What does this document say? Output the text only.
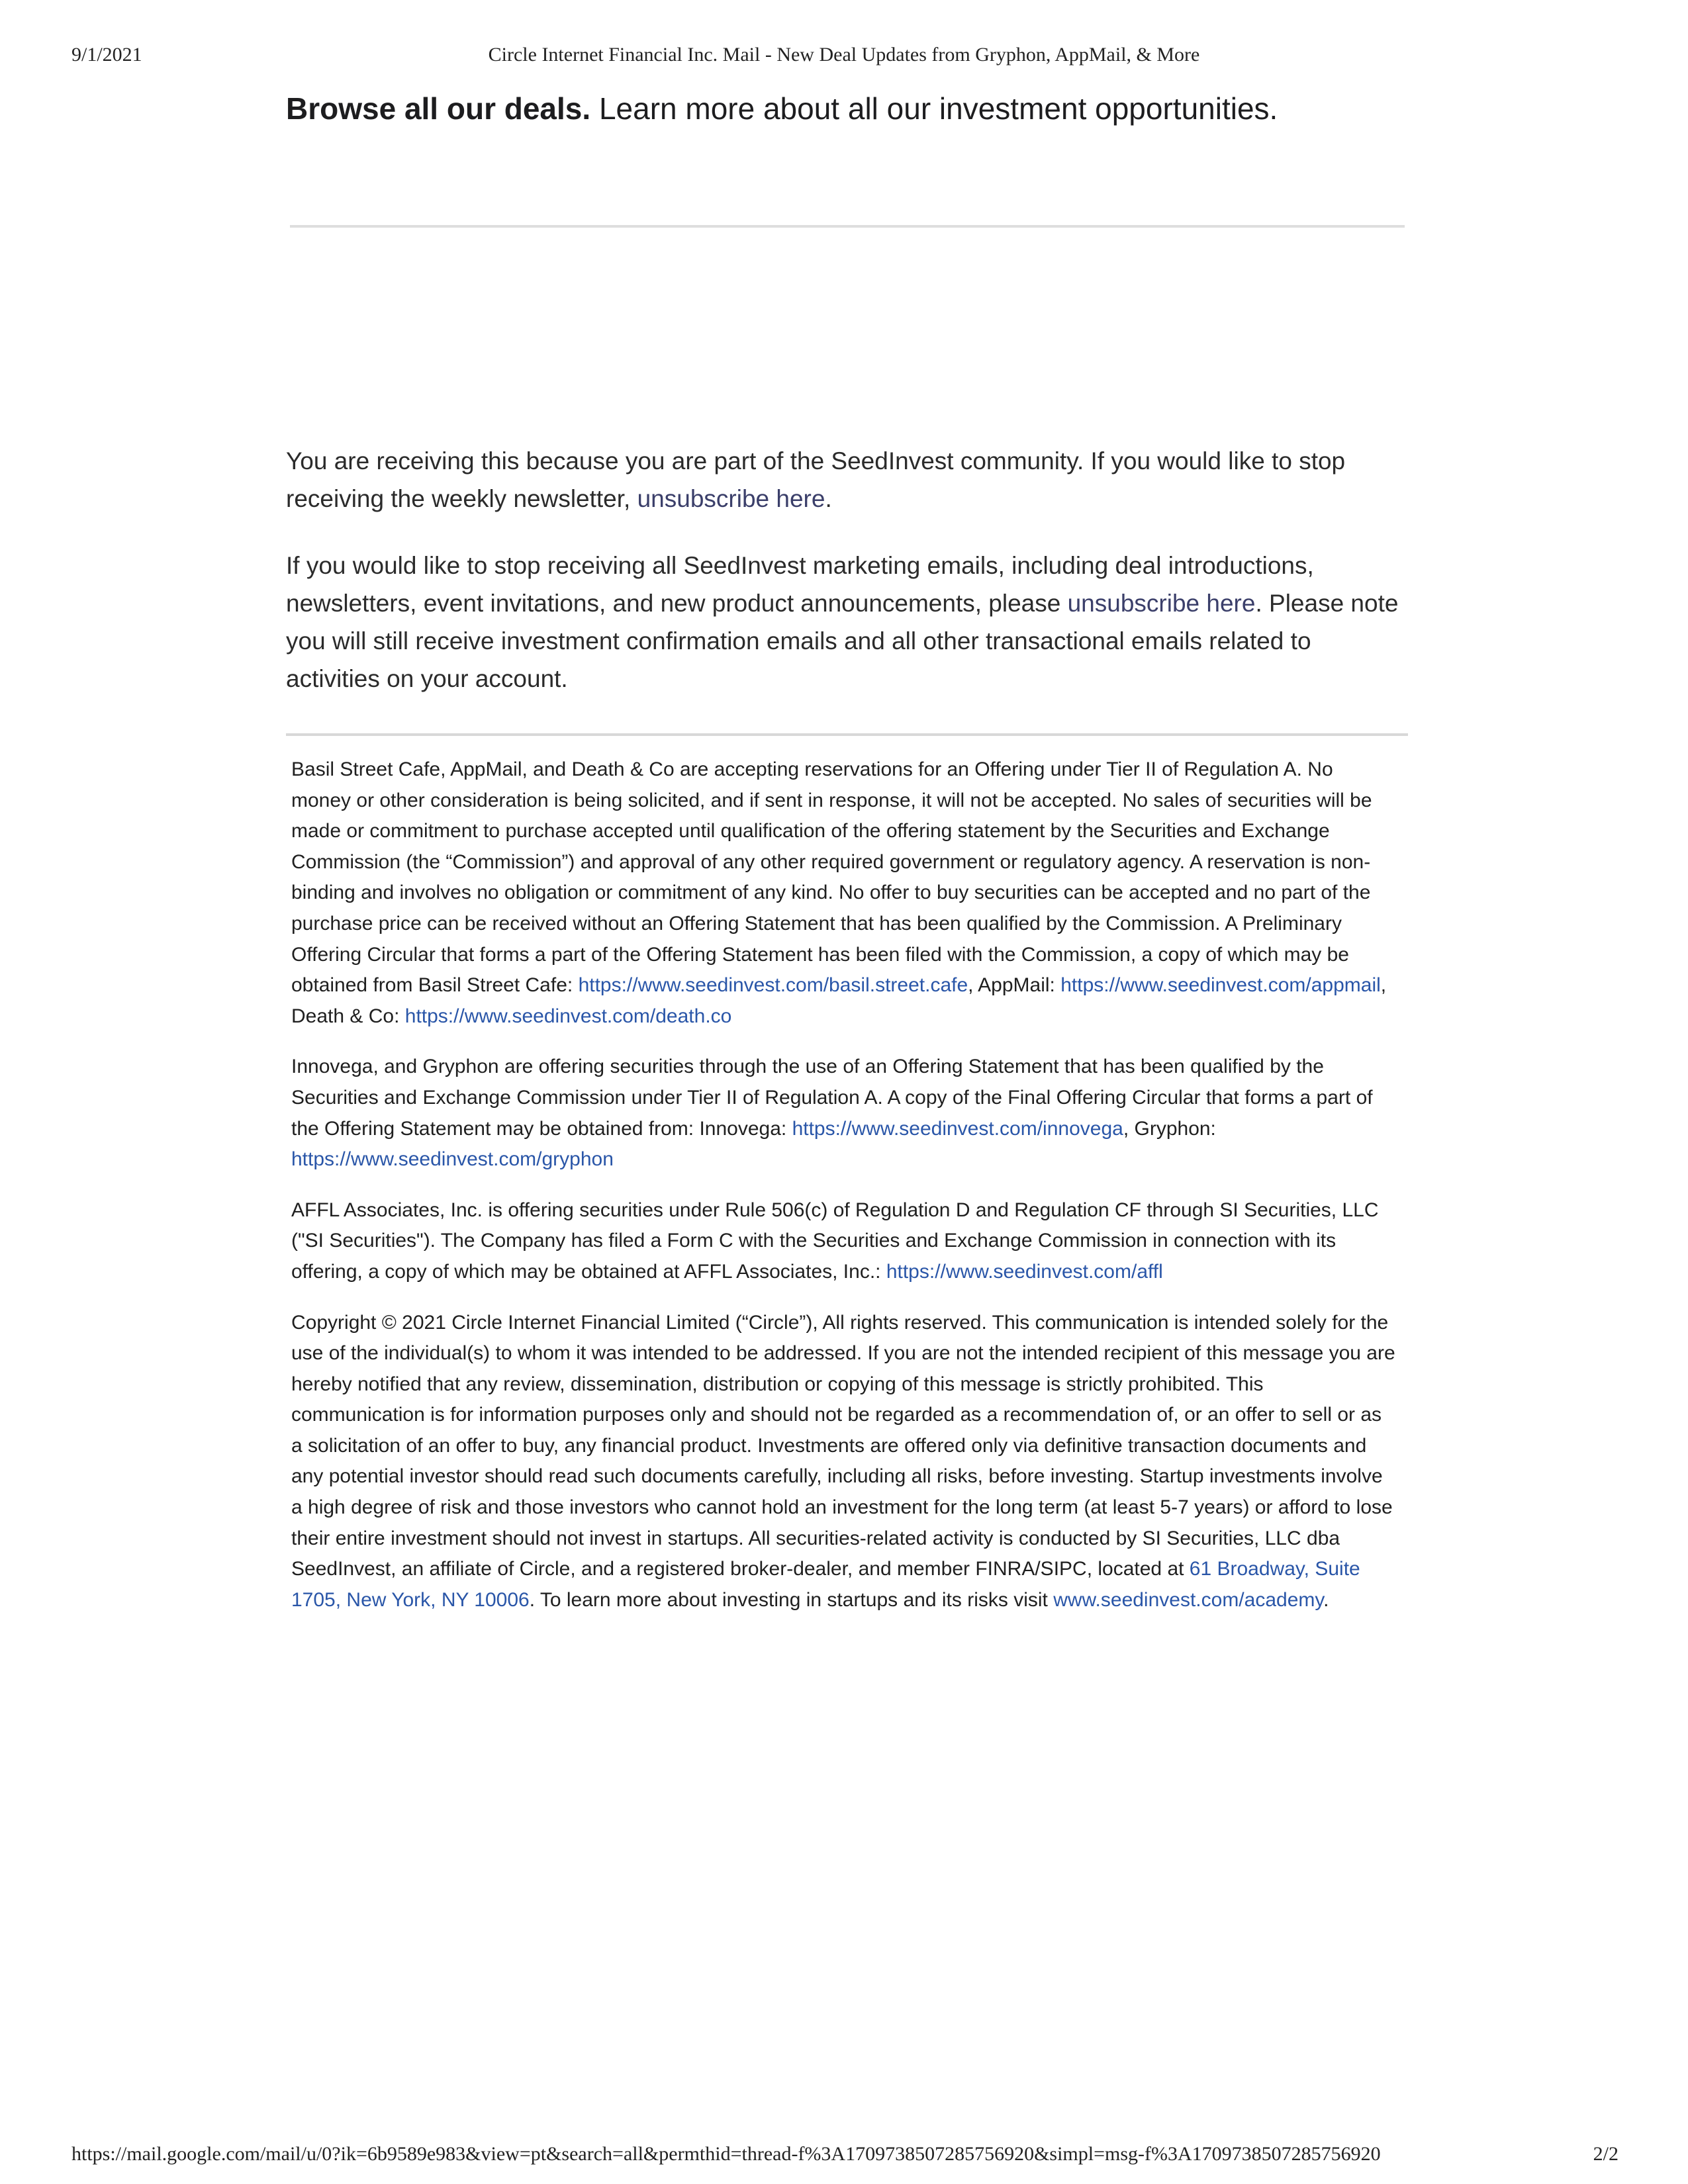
9/1/2021	Circle Internet Financial Inc. Mail - New Deal Updates from Gryphon, AppMail, & More
Browse all our deals. Learn more about all our investment opportunities.

You are receiving this because you are part of the SeedInvest community. If you would like to stop receiving the weekly newsletter, unsubscribe here.

If you would like to stop receiving all SeedInvest marketing emails, including deal introductions, newsletters, event invitations, and new product announcements, please unsubscribe here. Please note you will still receive investment confirmation emails and all other transactional emails related to activities on your account.

Basil Street Cafe, AppMail, and Death & Co are accepting reservations for an Offering under Tier II of Regulation A. No money or other consideration is being solicited, and if sent in response, it will not be accepted. No sales of securities will be made or commitment to purchase accepted until qualification of the offering statement by the Securities and Exchange Commission (the “Commission”) and approval of any other required government or regulatory agency. A reservation is non-binding and involves no obligation or commitment of any kind. No offer to buy securities can be accepted and no part of the purchase price can be received without an Offering Statement that has been qualified by the Commission. A Preliminary Offering Circular that forms a part of the Offering Statement has been filed with the Commission, a copy of which may be obtained from Basil Street Cafe: https://www.seedinvest.com/basil.street.cafe, AppMail: https://www.seedinvest.com/appmail, Death & Co: https://www.seedinvest.com/death.co

Innovega, and Gryphon are offering securities through the use of an Offering Statement that has been qualified by the Securities and Exchange Commission under Tier II of Regulation A. A copy of the Final Offering Circular that forms a part of the Offering Statement may be obtained from: Innovega: https://www.seedinvest.com/innovega, Gryphon: https://www.seedinvest.com/gryphon

AFFL Associates, Inc. is offering securities under Rule 506(c) of Regulation D and Regulation CF through SI Securities, LLC ("SI Securities"). The Company has filed a Form C with the Securities and Exchange Commission in connection with its offering, a copy of which may be obtained at AFFL Associates, Inc.: https://www.seedinvest.com/affl

Copyright © 2021 Circle Internet Financial Limited (“Circle”), All rights reserved. This communication is intended solely for the use of the individual(s) to whom it was intended to be addressed. If you are not the intended recipient of this message you are hereby notified that any review, dissemination, distribution or copying of this message is strictly prohibited. This communication is for information purposes only and should not be regarded as a recommendation of, or an offer to sell or as a solicitation of an offer to buy, any financial product. Investments are offered only via definitive transaction documents and any potential investor should read such documents carefully, including all risks, before investing. Startup investments involve a high degree of risk and those investors who cannot hold an investment for the long term (at least 5-7 years) or afford to lose their entire investment should not invest in startups. All securities-related activity is conducted by SI Securities, LLC dba SeedInvest, an affiliate of Circle, and a registered broker-dealer, and member FINRA/SIPC, located at 61 Broadway, Suite 1705, New York, NY 10006. To learn more about investing in startups and its risks visit www.seedinvest.com/academy.

https://mail.google.com/mail/u/0?ik=6b9589e983&view=pt&search=all&permthid=thread-f%3A1709738507285756920&simpl=msg-f%3A1709738507285756920	2/2
